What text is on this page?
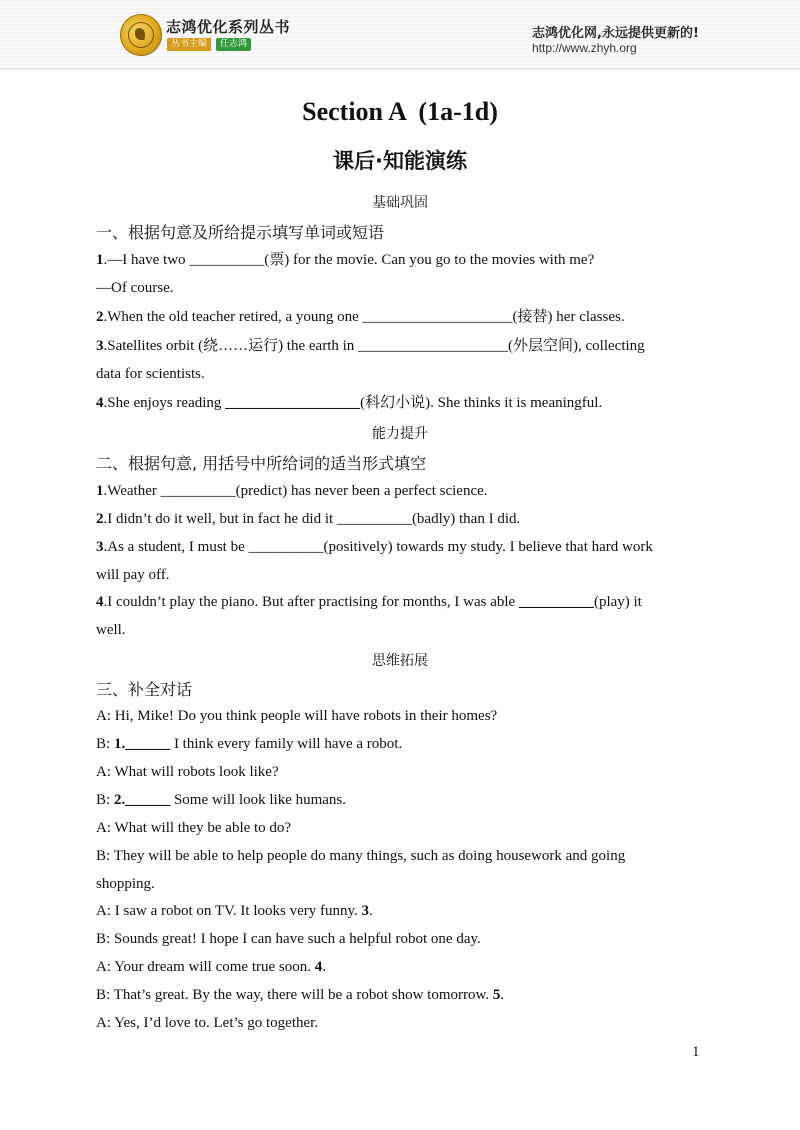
志鸿优化系列丛书
丛书主编	任志鸿
志鸿优化网,永远提供更新的!
http://www.zhyh.org
Section A  (1a-1d)
课后·知能演练
基础巩固
一、根据句意及所给提示填写单词或短语
1.—I have two __________(票) for the movie. Can you go to the movies with me?
—Of course.
2.When the old teacher retired, a young one ____________________(接替) her classes.
3.Satellites orbit (绕……运行) the earth in ____________________(外层空间), collecting
data for scientists.
4.She enjoys reading __________________(科幻小说). She thinks it is meaningful.
能力提升
二、根据句意, 用括号中所给词的适当形式填空
1.Weather __________(predict) has never been a perfect science.
2.I didn’t do it well, but in fact he did it __________(badly) than I did.
3.As a student, I must be __________(positively) towards my study. I believe that hard work
will pay off.
4.I couldn’t play the piano. But after practising for months, I was able __________(play) it
well.
思维拓展
三、补全对话
A: Hi, Mike! Do you think people will have robots in their homes?
B: 1.______ I think every family will have a robot.
A: What will robots look like?
B: 2.______ Some will look like humans.
A: What will they be able to do?
B: They will be able to help people do many things, such as doing housework and going
shopping.
A: I saw a robot on TV. It looks very funny. 3.
B: Sounds great! I hope I can have such a helpful robot one day.
A: Your dream will come true soon. 4.
B: That’s great. By the way, there will be a robot show tomorrow. 5.
A: Yes, I’d love to. Let’s go together.
1
